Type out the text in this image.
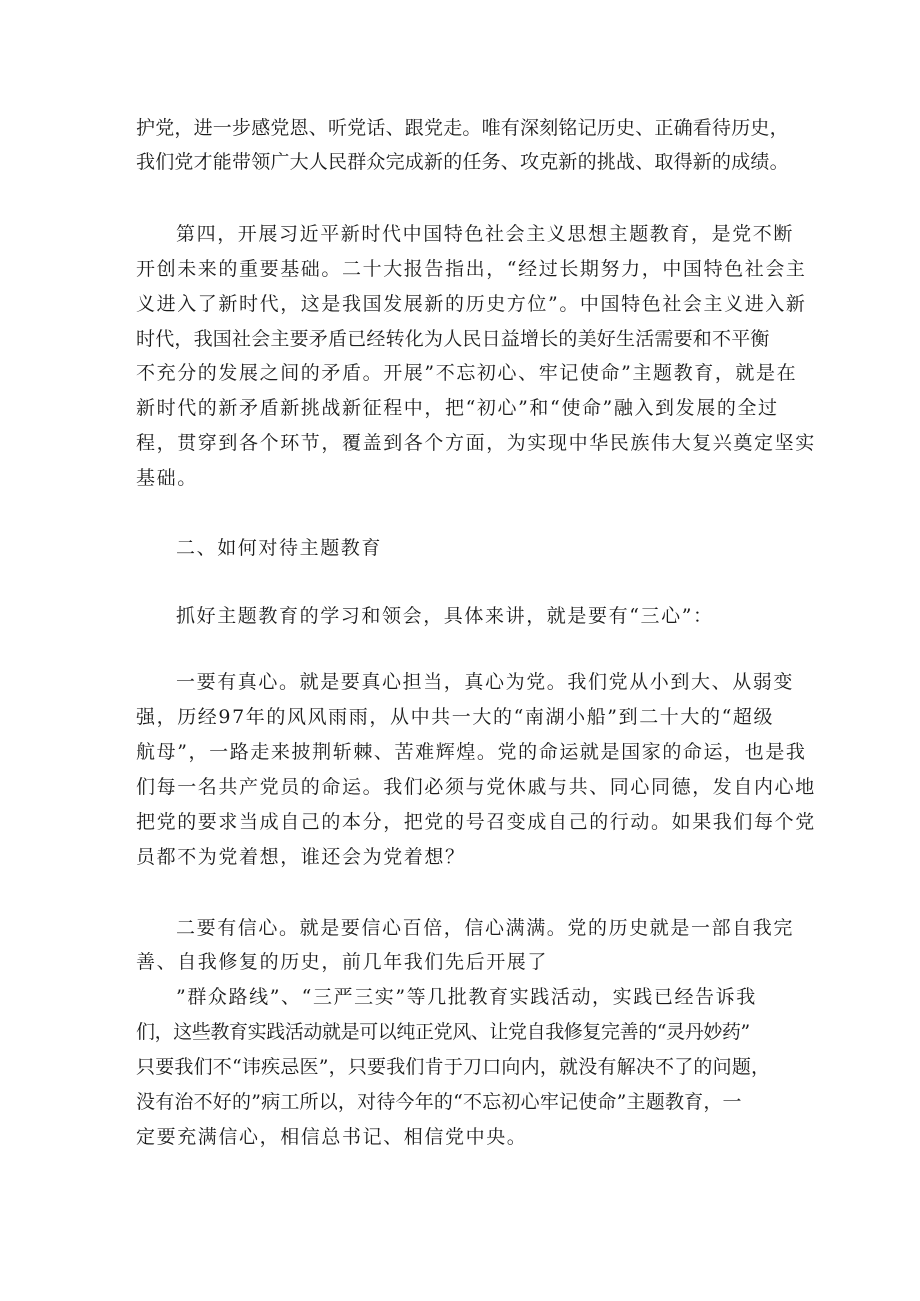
护党，进一步感党恩、听党话、跟党走。唯有深刻铭记历史、正确看待历史，
我们党才能带领广大人民群众完成新的任务、攻克新的挑战、取得新的成绩。
第四，开展习近平新时代中国特色社会主义思想主题教育，是党不断
开创未来的重要基础。二十大报告指出，“经过长期努力，中国特色社会主
义进入了新时代，这是我国发展新的历史方位”。中国特色社会主义进入新
时代，我国社会主要矛盾已经转化为人民日益增长的美好生活需要和不平衡
不充分的发展之间的矛盾。开展”不忘初心、牢记使命”主题教育，就是在
新时代的新矛盾新挑战新征程中，把“初心”和“使命”融入到发展的全过
程，贯穿到各个环节，覆盖到各个方面，为实现中华民族伟大复兴奠定坚实
基础。
二、如何对待主题教育
抓好主题教育的学习和领会，具体来讲，就是要有“三心”：
一要有真心。就是要真心担当，真心为党。我们党从小到大、从弱变
强，历经97年的风风雨雨，从中共一大的“南湖小船”到二十大的“超级
航母”，一路走来披荆斩棘、苦难辉煌。党的命运就是国家的命运，也是我
们每一名共产党员的命运。我们必须与党休戚与共、同心同德，发自内心地
把党的要求当成自己的本分，把党的号召变成自己的行动。如果我们每个党
员都不为党着想，谁还会为党着想？
二要有信心。就是要信心百倍，信心满满。党的历史就是一部自我完
善、自我修复的历史，前几年我们先后开展了
”群众路线”、“三严三实”等几批教育实践活动，实践已经告诉我
们，这些教育实践活动就是可以纯正党风、让党自我修复完善的“灵丹妙药”
只要我们不“讳疾忌医”，只要我们肯于刀口向内，就没有解决不了的问题，
没有治不好的”病工所以，对待今年的“不忘初心牢记使命”主题教育，一
定要充满信心，相信总书记、相信党中央。
